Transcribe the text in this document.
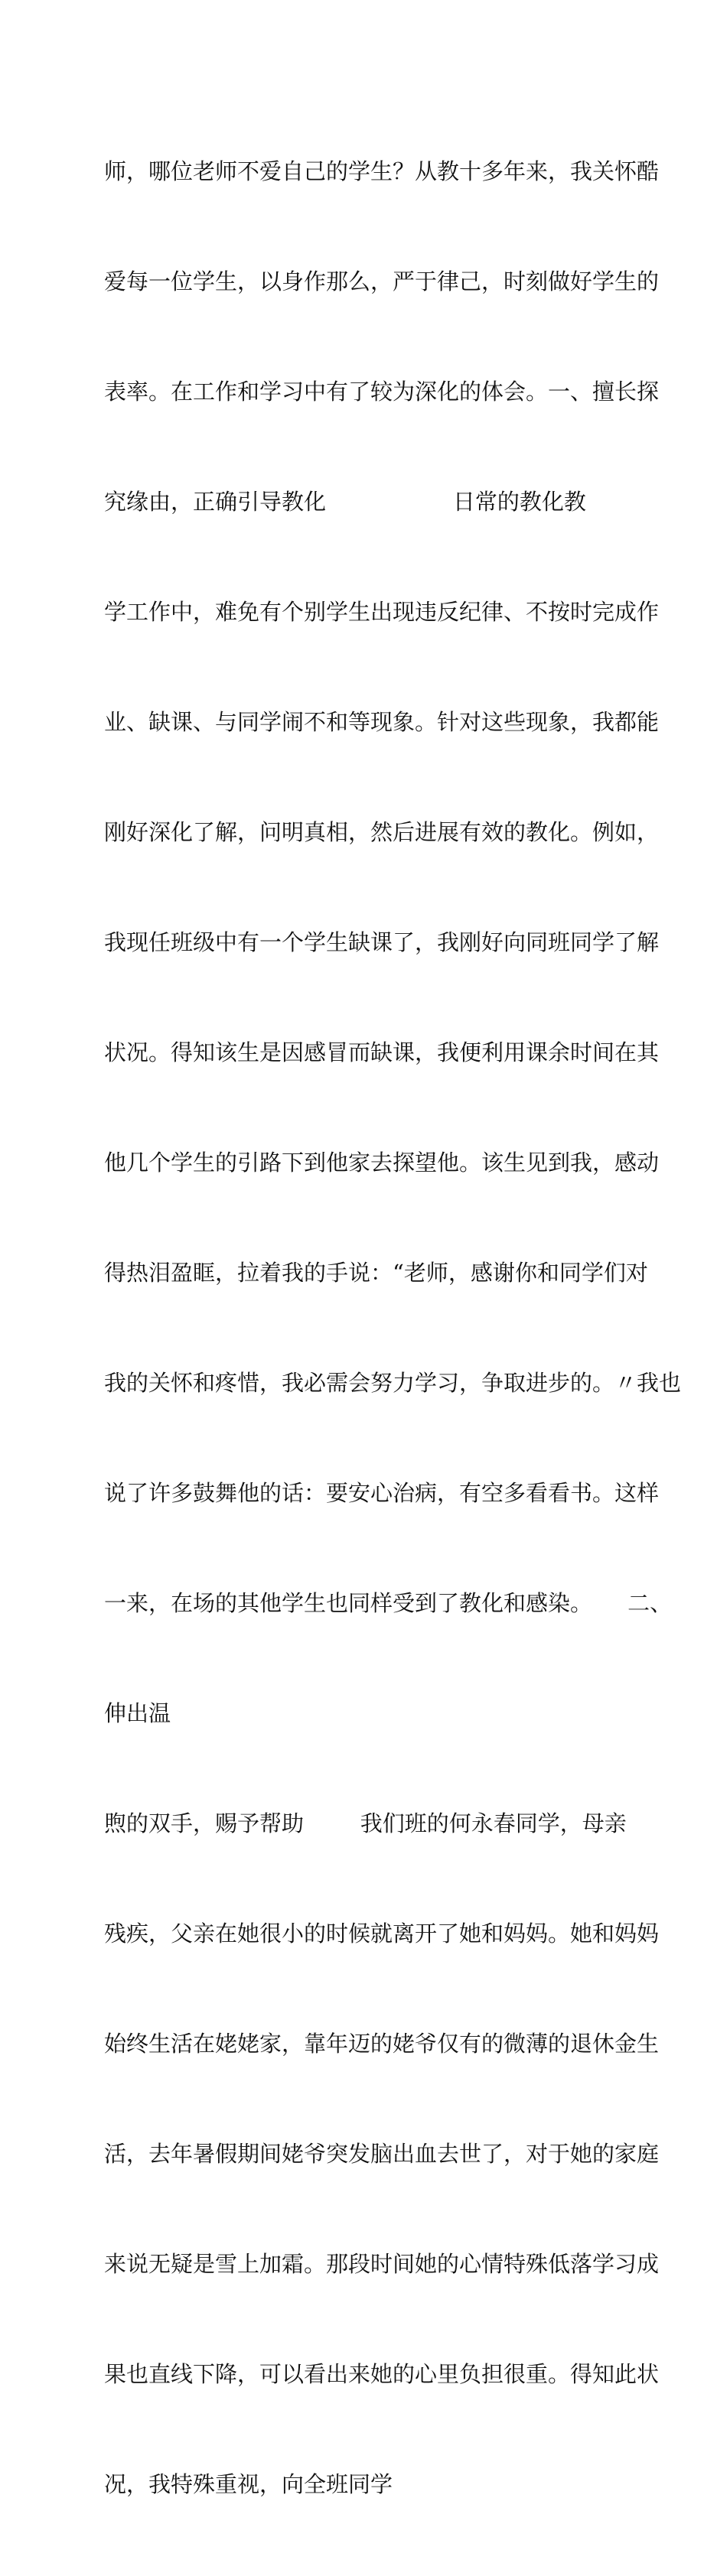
师，哪位老师不爱自己的学生？从教十多年来，我关怀酷

爱每一位学生，以身作那么，严于律己，时刻做好学生的

表率。在工作和学习中有了较为深化的体会。一、擅长探

究缘由，正确引导教化                  日常的教化教

学工作中，难免有个别学生出现违反纪律、不按时完成作

业、缺课、与同学闹不和等现象。针对这些现象，我都能

刚好深化了解，问明真相，然后进展有效的教化。例如，

我现任班级中有一个学生缺课了，我刚好向同班同学了解

状况。得知该生是因感冒而缺课，我便利用课余时间在其

他几个学生的引路下到他家去探望他。该生见到我，感动

得热泪盈眶，拉着我的手说：“老师，感谢你和同学们对

我的关怀和疼惜，我必需会努力学习，争取进步的。〃我也

说了许多鼓舞他的话：要安心治病，有空多看看书。这样

一来，在场的其他学生也同样受到了教化和感染。     二、

伸出温

煦的双手，赐予帮助        我们班的何永春同学，母亲

残疾，父亲在她很小的时候就离开了她和妈妈。她和妈妈

始终生活在姥姥家，靠年迈的姥爷仅有的微薄的退休金生

活，去年暑假期间姥爷突发脑出血去世了，对于她的家庭

来说无疑是雪上加霜。那段时间她的心情特殊低落学习成

果也直线下降，可以看出来她的心里负担很重。得知此状

况，我特殊重视，向全班同学
